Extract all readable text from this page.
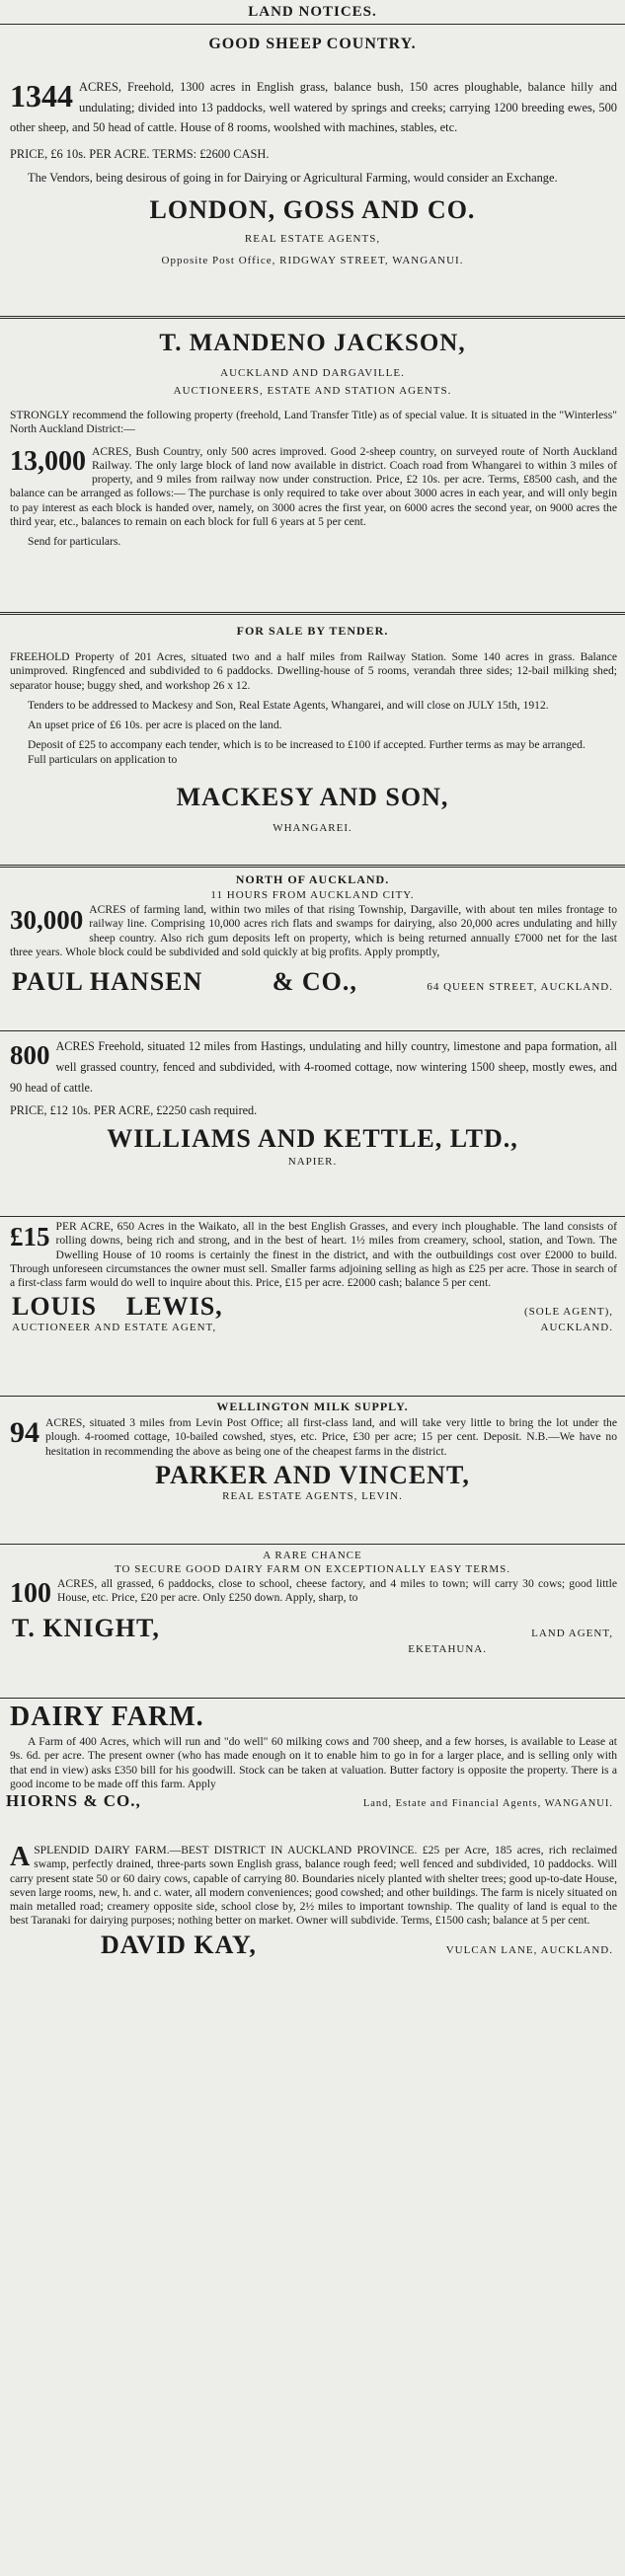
LAND NOTICES.
GOOD SHEEP COUNTRY.
1344 ACRES, Freehold, 1300 acres in English grass, balance bush, 150 acres ploughable, balance hilly and undulating; divided into 13 paddocks, well watered by springs and creeks; carrying 1200 breeding ewes, 500 other sheep, and 50 head of cattle. House of 8 rooms, woolshed with machines, stables, etc.
PRICE, £6 10s. PER ACRE. TERMS: £2600 CASH.
The Vendors, being desirous of going in for Dairying or Agricultural Farming, would consider an Exchange.
LONDON, GOSS AND CO.
REAL ESTATE AGENTS,
Opposite Post Office, RIDGWAY STREET, WANGANUI.
T. MANDENO JACKSON,
AUCKLAND AND DARGAVILLE.
AUCTIONEERS, ESTATE AND STATION AGENTS.
STRONGLY recommend the following property (freehold, Land Transfer Title) as of special value. It is situated in the "Winterless" North Auckland District:—
13,000 ACRES, Bush Country, only 500 acres improved. Good 2-sheep country, on surveyed route of North Auckland Railway. The only large block of land now available in district. Coach road from Whangarei to within 3 miles of property, and 9 miles from railway now under construction. Price, £2 10s. per acre. Terms, £8500 cash, and the balance can be arranged as follows:— The purchase is only required to take over about 3000 acres in each year, and will only begin to pay interest as each block is handed over, namely, on 3000 acres the first year, on 6000 acres the second year, on 9000 acres the third year, etc., balances to remain on each block for full 6 years at 5 per cent.
Send for particulars.
FOR SALE BY TENDER.
FREEHOLD Property of 201 Acres, situated two and a half miles from Railway Station. Some 140 acres in grass. Balance unimproved. Ringfenced and subdivided to 6 paddocks. Dwelling-house of 5 rooms, verandah three sides; 12-bail milking shed; separator house; buggy shed, and workshop 26 x 12.
Tenders to be addressed to Mackesy and Son, Real Estate Agents, Whangarei, and will close on JULY 15th, 1912.
An upset price of £6 10s. per acre is placed on the land.
Deposit of £25 to accompany each tender, which is to be increased to £100 if accepted. Further terms as may be arranged.
Full particulars on application to
MACKESY AND SON,
WHANGAREI.
NORTH OF AUCKLAND.
11 HOURS FROM AUCKLAND CITY.
30,000 ACRES of farming land, within two miles of that rising Township, Dargaville, with about ten miles frontage to railway line. Comprising 10,000 acres rich flats and swamps for dairying, also 20,000 acres undulating and hilly sheep country. Also rich gum deposits left on property, which is being returned annually £7000 net for the last three years. Whole block could be subdivided and sold quickly at big profits. Apply promptly,
PAUL HANSEN	& CO.,	64 QUEEN STREET, AUCKLAND.
800 ACRES Freehold, situated 12 miles from Hastings, undulating and hilly country, limestone and papa formation, all well grassed country, fenced and subdivided, with 4-roomed cottage, now wintering 1500 sheep, mostly ewes, and 90 head of cattle.
PRICE, £12 10s. PER ACRE, £2250 cash required.
WILLIAMS AND KETTLE, LTD.,
NAPIER.
£15 PER ACRE, 650 Acres in the Waikato, all in the best English Grasses, and every inch ploughable. The land consists of rolling downs, being rich and strong, and in the best of heart. 1½ miles from creamery, school, station, and Town. The Dwelling House of 10 rooms is certainly the finest in the district, and with the outbuildings cost over £2000 to build. Through unforeseen circumstances the owner must sell. Smaller farms adjoining selling as high as £25 per acre. Those in search of a first-class farm would do well to inquire about this. Price, £15 per acre. £2000 cash; balance 5 per cent.
LOUIS LEWIS,	(SOLE AGENT),
AUCTIONEER AND ESTATE AGENT,	AUCKLAND.
WELLINGTON MILK SUPPLY.
94 ACRES, situated 3 miles from Levin Post Office; all first-class land, and will take very little to bring the lot under the plough. 4-roomed cottage, 10-bailed cowshed, styes, etc. Price, £30 per acre; 15 per cent. Deposit. N.B.—We have no hesitation in recommending the above as being one of the cheapest farms in the district.
PARKER AND VINCENT,
REAL ESTATE AGENTS, LEVIN.
A RARE CHANCE
TO SECURE GOOD DAIRY FARM ON EXCEPTIONALLY EASY TERMS.
100 ACRES, all grassed, 6 paddocks, close to school, cheese factory, and 4 miles to town; will carry 30 cows; good little House, etc. Price, £20 per acre. Only £250 down. Apply, sharp, to
T. KNIGHT,	LAND AGENT,
EKETAHUNA.
DAIRY FARM.
A Farm of 400 Acres, which will run and "do well" 60 milking cows and 700 sheep, and a few horses, is available to Lease at 9s. 6d. per acre. The present owner (who has made enough on it to enable him to go in for a larger place, and is selling only with that end in view) asks £350 bill for his goodwill. Stock can be taken at valuation. Butter factory is opposite the property. There is a good income to be made off this farm. Apply
HIORNS & CO.,	Land, Estate and Financial Agents, WANGANUI.
A SPLENDID DAIRY FARM.—BEST DISTRICT IN AUCKLAND PROVINCE. £25 per Acre, 185 acres, rich reclaimed swamp, perfectly drained, three-parts sown English grass, balance rough feed; well fenced and subdivided, 10 paddocks. Will carry present state 50 or 60 dairy cows, capable of carrying 80. Boundaries nicely planted with shelter trees; good up-to-date House, seven large rooms, new, h. and c. water, all modern conveniences; good cowshed; and other buildings. The farm is nicely situated on main metalled road; creamery opposite side, school close by, 2½ miles to important township. The quality of land is equal to the best Taranaki for dairying purposes; nothing better on market. Owner will subdivide. Terms, £1500 cash; balance at 5 per cent.
DAVID KAY,	VULCAN LANE, AUCKLAND.
